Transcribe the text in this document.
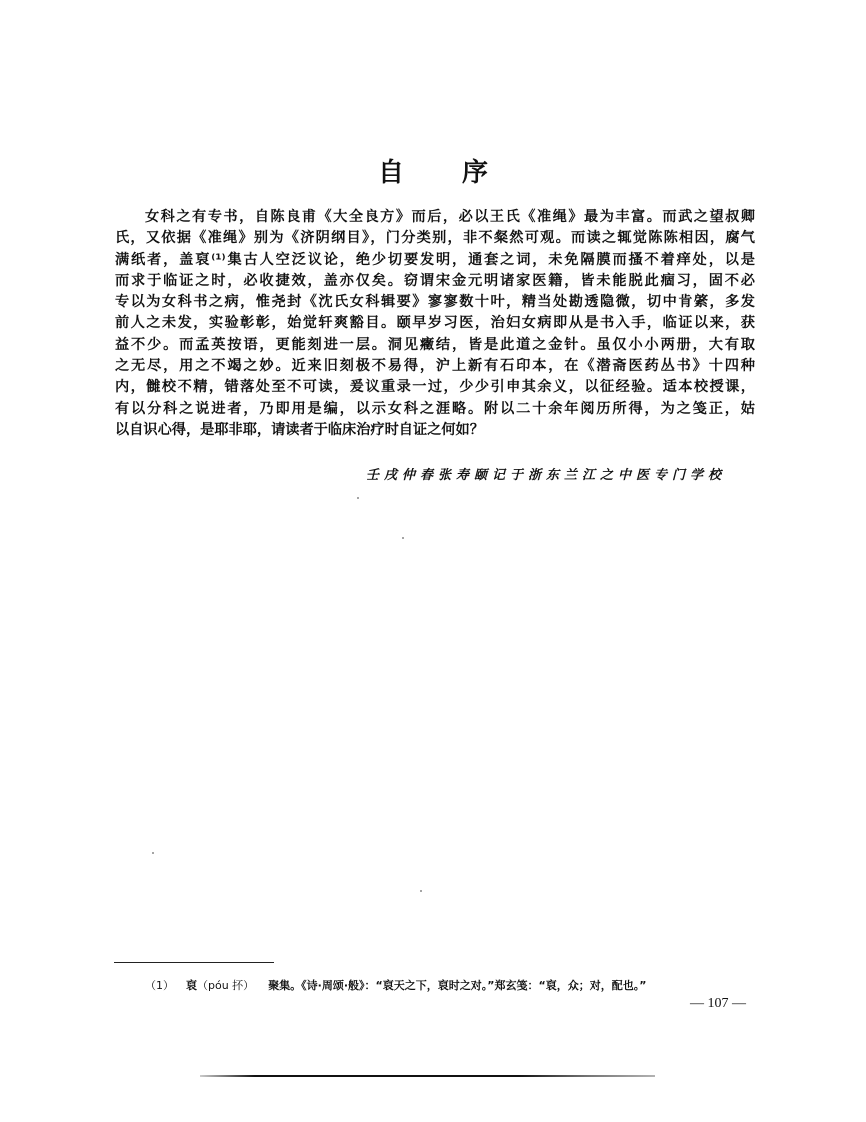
自序
女科之有专书，自陈良甫《大全良方》而后，必以王氏《准绳》最为丰富。而武之望叔卿
氏，又依据《准绳》别为《济阴纲目》，门分类别，非不粲然可观。而读之辄觉陈陈相因，腐气
满纸者，盖裒⁽¹⁾集古人空泛议论，绝少切要发明，通套之词，未免隔膜而搔不着痒处，以是
而求于临证之时，必收捷效，盖亦仅矣。窃谓宋金元明诸家医籍，皆未能脱此痼习，固不必
专以为女科书之病，惟尧封《沈氏女科辑要》寥寥数十叶，精当处勘透隐微，切中肯綮，多发
前人之未发，实验彰彰，始觉轩爽豁目。颐早岁习医，治妇女病即从是书入手，临证以来，获
益不少。而孟英按语，更能刻进一层。洞见癥结，皆是此道之金针。虽仅小小两册，大有取
之无尽，用之不竭之妙。近来旧刻极不易得，沪上新有石印本，在《潜斋医药丛书》十四种
内，雠校不精，错落处至不可读，爰议重录一过，少少引申其余义，以征经验。适本校授课，
有以分科之说进者，乃即用是编，以示女科之涯略。附以二十余年阅历所得，为之笺正，姑
以自识心得，是耶非耶，请读者于临床治疗时自证之何如？
壬戌仲春张寿颐记于浙东兰江之中医专门学校
（1） 裒（póu 抔） 聚集。《诗·周颂·般》：“裒天之下，裒时之对。”郑玄笺：“裒，众；对，配也。”
— 107 —
